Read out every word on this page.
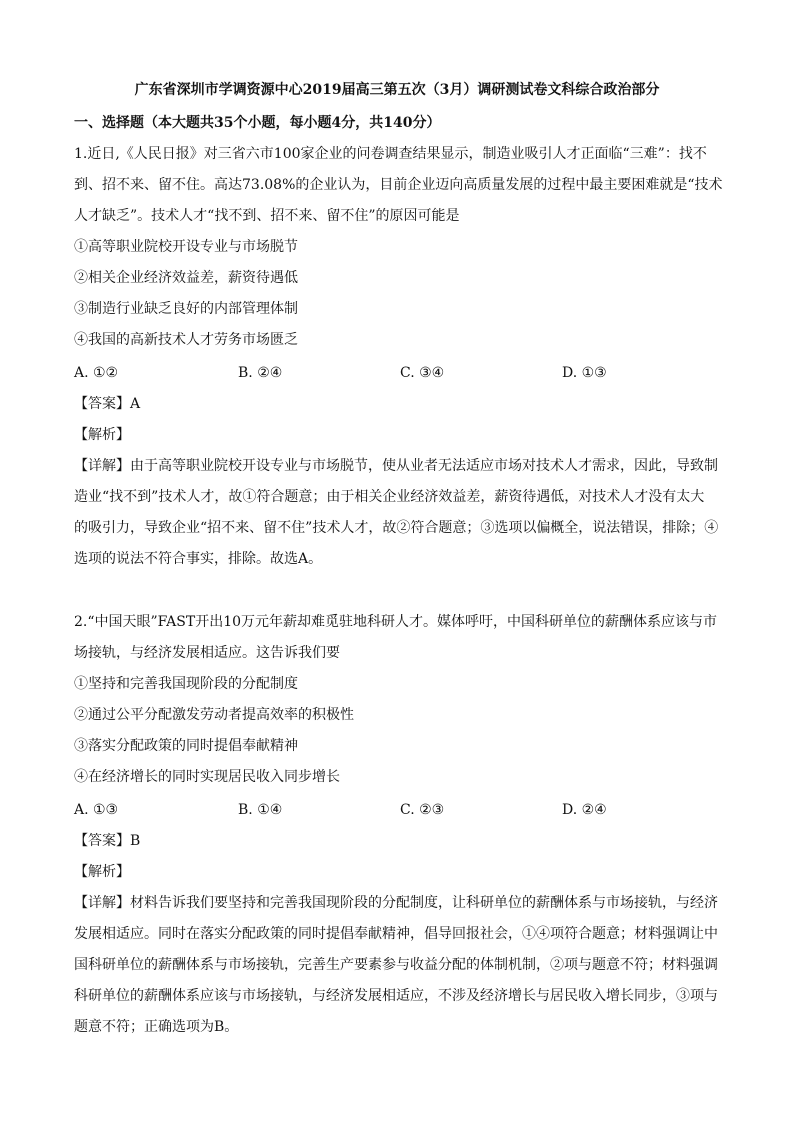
广东省深圳市学调资源中心2019届高三第五次（3月）调研测试卷文科综合政治部分
一、选择题（本大题共35个小题，每小题4分，共140分）
1.近日,《人民日报》对三省六市100家企业的问卷调查结果显示，制造业吸引人才正面临“三难”：找不
到、招不来、留不住。高达73.08%的企业认为，目前企业迈向高质量发展的过程中最主要困难就是“技术
人才缺乏”。技术人才“找不到、招不来、留不住”的原因可能是
①高等职业院校开设专业与市场脱节
②相关企业经济效益差，薪资待遇低
③制造行业缺乏良好的内部管理体制
④我国的高新技术人才劳务市场匮乏
A. ①②	B. ②④	C. ③④	D. ①③
【答案】A
【解析】
【详解】由于高等职业院校开设专业与市场脱节，使从业者无法适应市场对技术人才需求，因此，导致制
造业“找不到”技术人才，故①符合题意；由于相关企业经济效益差，薪资待遇低，对技术人才没有太大
的吸引力，导致企业“招不来、留不住”技术人才，故②符合题意；③选项以偏概全，说法错误，排除；④
选项的说法不符合事实，排除。故选A。
2.“中国天眼”FAST开出10万元年薪却难觅驻地科研人才。媒体呼吁，中国科研单位的薪酬体系应该与市
场接轨，与经济发展相适应。这告诉我们要
①坚持和完善我国现阶段的分配制度
②通过公平分配激发劳动者提高效率的积极性
③落实分配政策的同时提倡奉献精神
④在经济增长的同时实现居民收入同步增长
A. ①③	B. ①④	C. ②③	D. ②④
【答案】B
【解析】
【详解】材料告诉我们要坚持和完善我国现阶段的分配制度，让科研单位的薪酬体系与市场接轨，与经济
发展相适应。同时在落实分配政策的同时提倡奉献精神，倡导回报社会，①④项符合题意；材料强调让中
国科研单位的薪酬体系与市场接轨，完善生产要素参与收益分配的体制机制，②项与题意不符；材料强调
科研单位的薪酬体系应该与市场接轨，与经济发展相适应，不涉及经济增长与居民收入增长同步，③项与
题意不符；正确选项为B。
